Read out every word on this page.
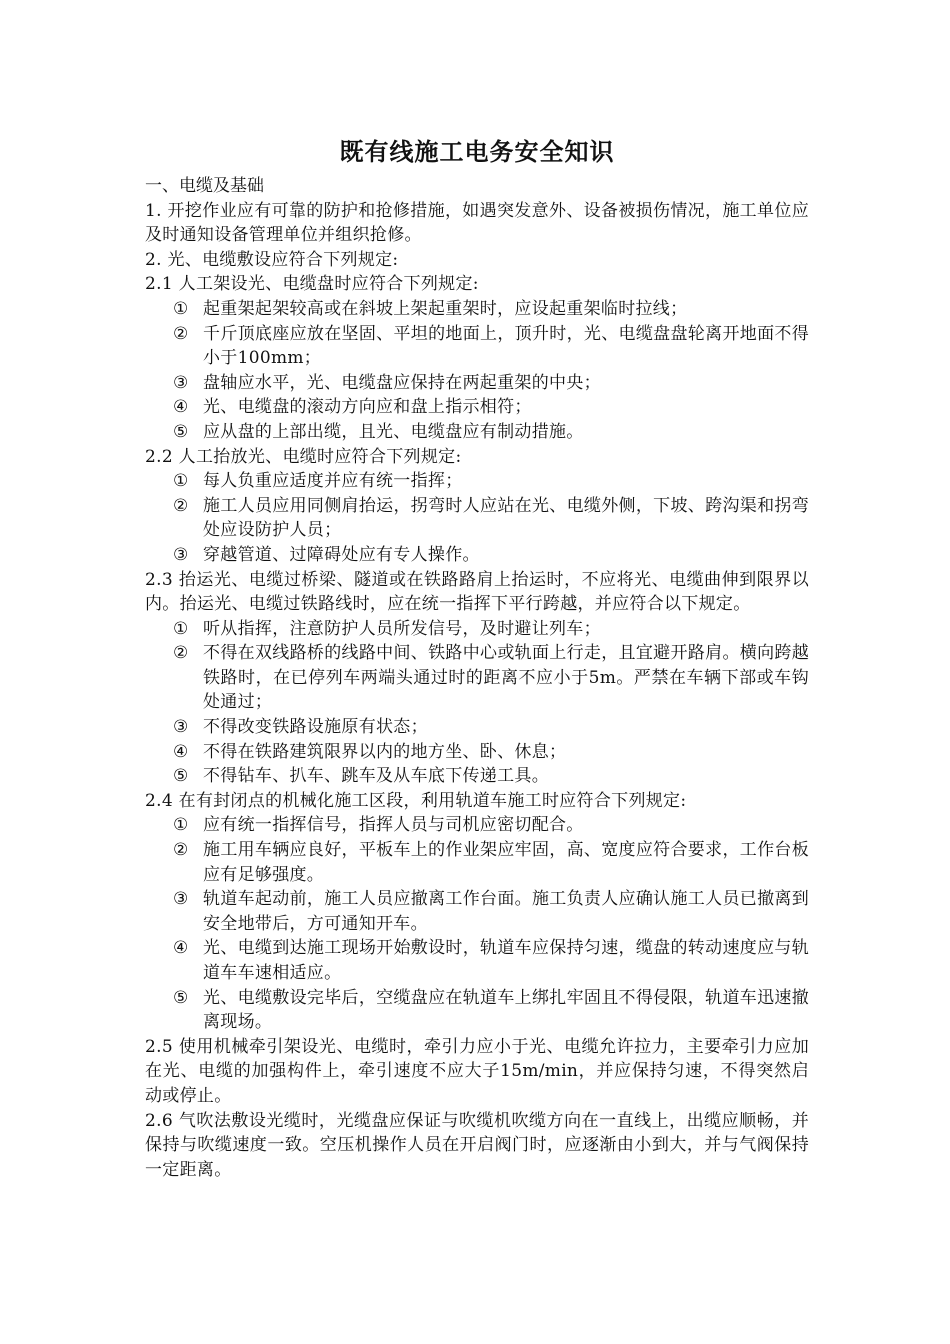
既有线施工电务安全知识

一、电缆及基础

1. 开挖作业应有可靠的防护和抢修措施，如遇突发意外、设备被损伤情况，施工单位应及时通知设备管理单位并组织抢修。

2. 光、电缆敷设应符合下列规定:

2.1 人工架设光、电缆盘时应符合下列规定:

① 起重架起架较高或在斜坡上架起重架时，应设起重架临时拉线；
② 千斤顶底座应放在坚固、平坦的地面上，顶升时，光、电缆盘盘轮离开地面不得小于100mm；
③ 盘轴应水平，光、电缆盘应保持在两起重架的中央；
④ 光、电缆盘的滚动方向应和盘上指示相符；
⑤ 应从盘的上部出缆，且光、电缆盘应有制动措施。

2.2 人工抬放光、电缆时应符合下列规定:

① 每人负重应适度并应有统一指挥；
② 施工人员应用同侧肩抬运，拐弯时人应站在光、电缆外侧，下坡、跨沟渠和拐弯处应设防护人员；
③ 穿越管道、过障碍处应有专人操作。

2.3 抬运光、电缆过桥梁、隧道或在铁路路肩上抬运时，不应将光、电缆曲伸到限界以内。抬运光、电缆过铁路线时，应在统一指挥下平行跨越，并应符合以下规定。

① 听从指挥，注意防护人员所发信号，及时避让列车；
② 不得在双线路桥的线路中间、铁路中心或轨面上行走，且宜避开路肩。横向跨越铁路时，在已停列车两端头通过时的距离不应小于5m。严禁在车辆下部或车钩处通过；
③ 不得改变铁路设施原有状态；
④ 不得在铁路建筑限界以内的地方坐、卧、休息；
⑤ 不得钻车、扒车、跳车及从车底下传递工具。

2.4 在有封闭点的机械化施工区段，利用轨道车施工时应符合下列规定:

① 应有统一指挥信号，指挥人员与司机应密切配合。
② 施工用车辆应良好，平板车上的作业架应牢固，高、宽度应符合要求，工作台板应有足够强度。
③ 轨道车起动前，施工人员应撤离工作台面。施工负责人应确认施工人员已撤离到安全地带后，方可通知开车。
④ 光、电缆到达施工现场开始敷设时，轨道车应保持匀速，缆盘的转动速度应与轨道车车速相适应。
⑤ 光、电缆敷设完毕后，空缆盘应在轨道车上绑扎牢固且不得侵限，轨道车迅速撤离现场。

2.5 使用机械牵引架设光、电缆时，牵引力应小于光、电缆允许拉力，主要牵引力应加在光、电缆的加强构件上，牵引速度不应大子15m/min，并应保持匀速，不得突然启动或停止。

2.6 气吹法敷设光缆时，光缆盘应保证与吹缆机吹缆方向在一直线上，出缆应顺畅，并保持与吹缆速度一致。空压机操作人员在开启阀门时，应逐渐由小到大，并与气阀保持一定距离。
